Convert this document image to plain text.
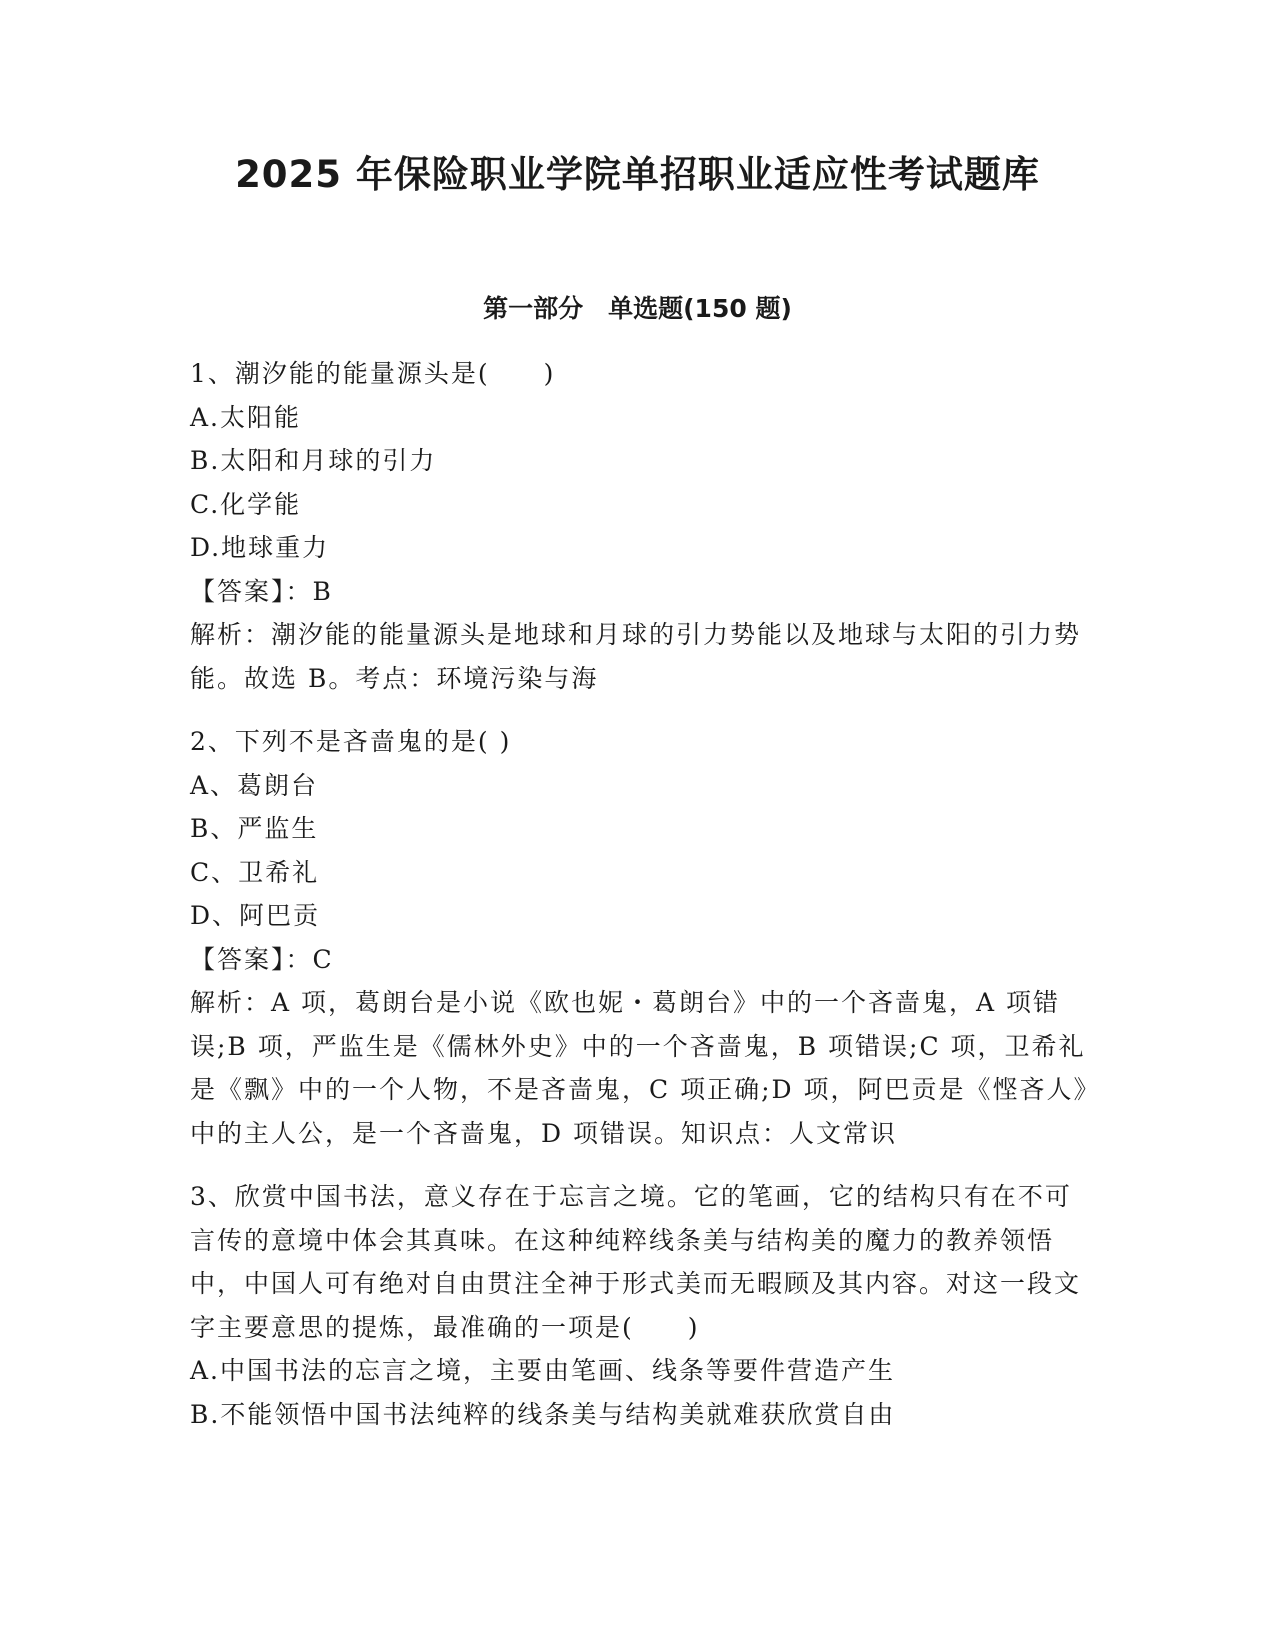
2025 年保险职业学院单招职业适应性考试题库
第一部分　单选题(150 题)
1、潮汐能的能量源头是(　　)
A.太阳能
B.太阳和月球的引力
C.化学能
D.地球重力
【答案】：B
解析：潮汐能的能量源头是地球和月球的引力势能以及地球与太阳的引力势能。故选 B。考点：环境污染与海
2、下列不是吝啬鬼的是( )
A、葛朗台
B、严监生
C、卫希礼
D、阿巴贡
【答案】：C
解析：A 项，葛朗台是小说《欧也妮・葛朗台》中的一个吝啬鬼，A 项错误;B 项，严监生是《儒林外史》中的一个吝啬鬼，B 项错误;C 项，卫希礼是《飘》中的一个人物，不是吝啬鬼，C 项正确;D 项，阿巴贡是《悭吝人》中的主人公，是一个吝啬鬼，D 项错误。知识点：人文常识
3、欣赏中国书法，意义存在于忘言之境。它的笔画，它的结构只有在不可言传的意境中体会其真味。在这种纯粹线条美与结构美的魔力的教养领悟中，中国人可有绝对自由贯注全神于形式美而无暇顾及其内容。对这一段文字主要意思的提炼，最准确的一项是(　　)
A.中国书法的忘言之境，主要由笔画、线条等要件营造产生
B.不能领悟中国书法纯粹的线条美与结构美就难获欣赏自由
